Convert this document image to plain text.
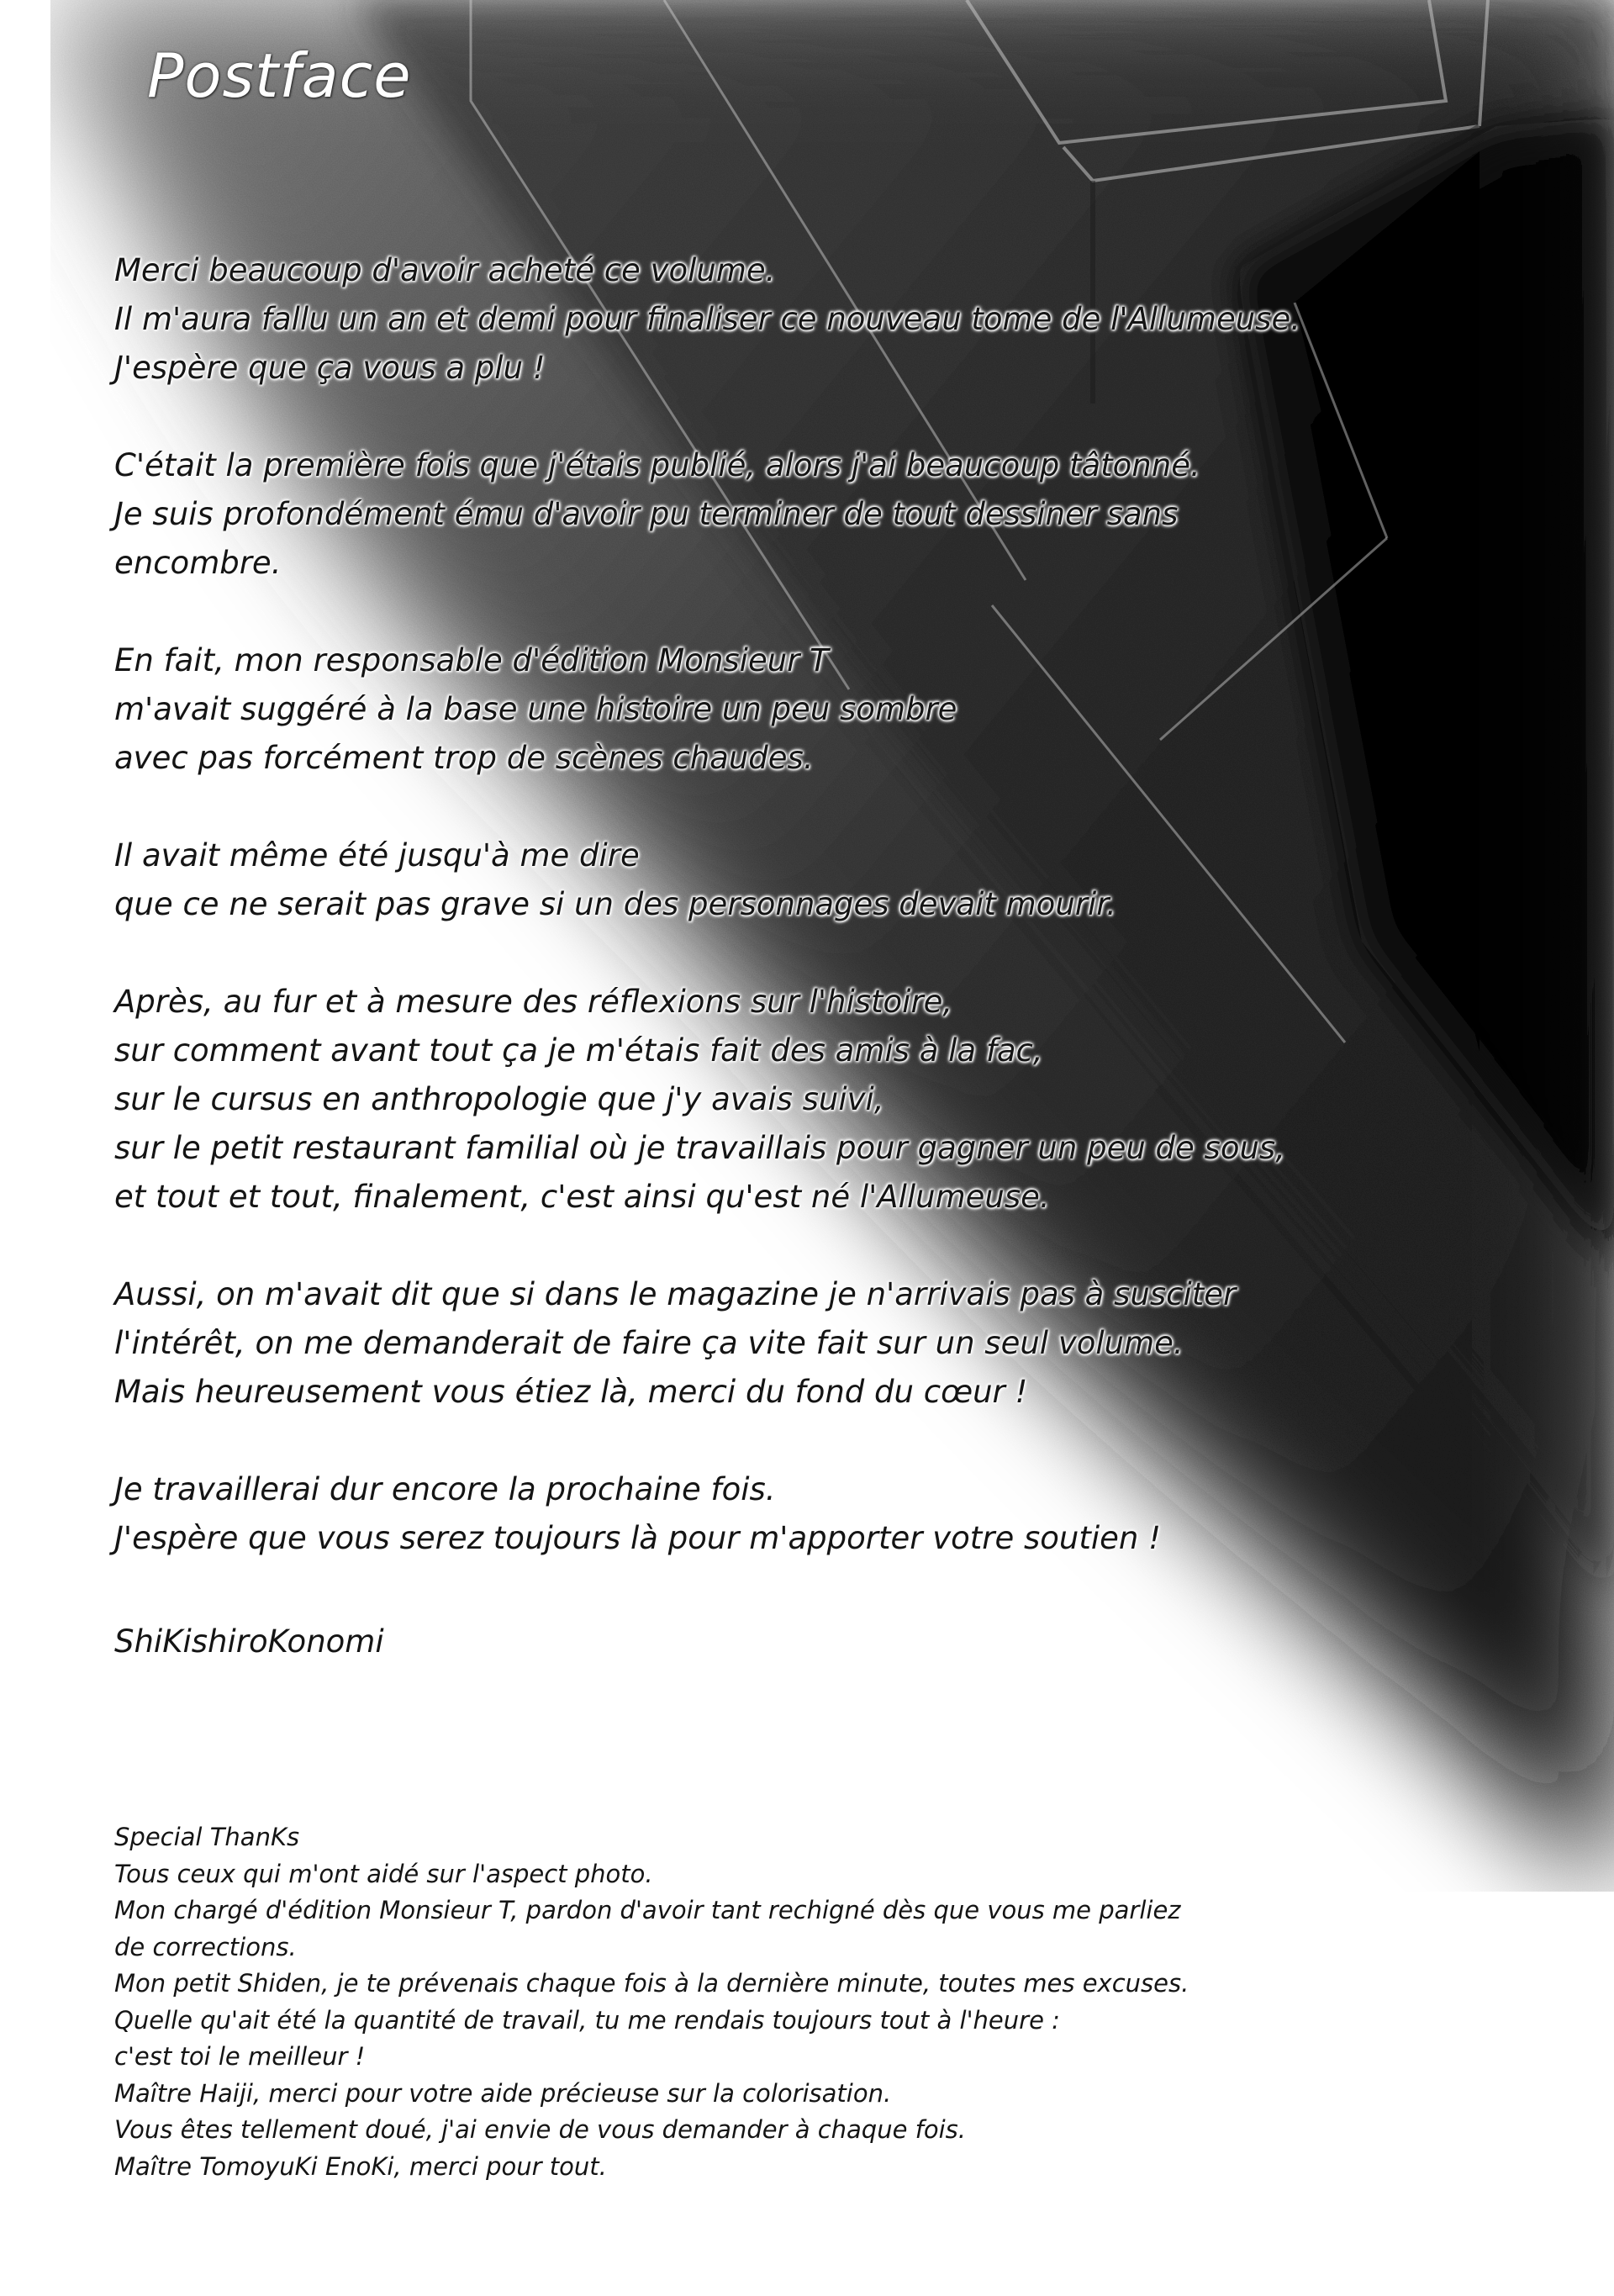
Postface
Merci beaucoup d'avoir acheté ce volume.
Il m'aura fallu un an et demi pour finaliser ce nouveau tome de l'Allumeuse.
J'espère que ça vous a plu !
C'était la première fois que j'étais publié, alors j'ai beaucoup tâtonné.
Je suis profondément ému d'avoir pu terminer de tout dessiner sans
encombre.
En fait, mon responsable d'édition Monsieur T
m'avait suggéré à la base une histoire un peu sombre
avec pas forcément trop de scènes chaudes.
Il avait même été jusqu'à me dire
que ce ne serait pas grave si un des personnages devait mourir.
Après, au fur et à mesure des réflexions sur l'histoire,
sur comment avant tout ça je m'étais fait des amis à la fac,
sur le cursus en anthropologie que j'y avais suivi,
sur le petit restaurant familial où je travaillais pour gagner un peu de sous,
et tout et tout, finalement, c'est ainsi qu'est né l'Allumeuse.
Aussi, on m'avait dit que si dans le magazine je n'arrivais pas à susciter
l'intérêt, on me demanderait de faire ça vite fait sur un seul volume.
Mais heureusement vous étiez là, merci du fond du cœur !
Je travaillerai dur encore la prochaine fois.
J'espère que vous serez toujours là pour m'apporter votre soutien !
ShiKishiroKonomi
Special ThanKs
Tous ceux qui m'ont aidé sur l'aspect photo.
Mon chargé d'édition Monsieur T, pardon d'avoir tant rechigné dès que vous me parliez
de corrections.
Mon petit Shiden, je te prévenais chaque fois à la dernière minute, toutes mes excuses.
Quelle qu'ait été la quantité de travail, tu me rendais toujours tout à l'heure :
c'est toi le meilleur !
Maître Haiji, merci pour votre aide précieuse sur la colorisation.
Vous êtes tellement doué, j'ai envie de vous demander à chaque fois.
Maître TomoyuKi EnoKi, merci pour tout.
